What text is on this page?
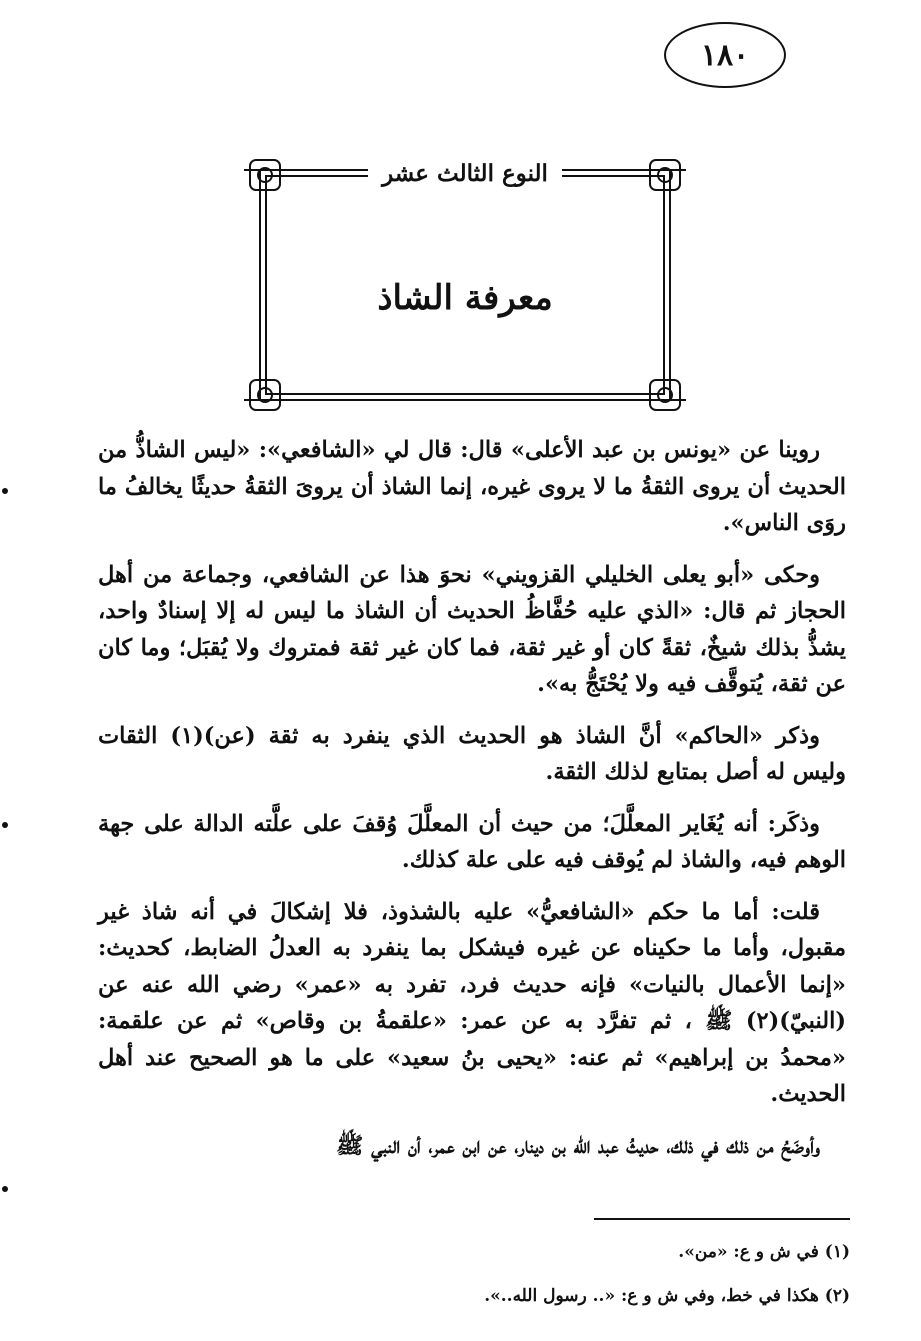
١٨٠
النوع الثالث عشر
معرفة الشاذ

روينا عن «يونس بن عبد الأعلى» قال: قال لي «الشافعي»: «ليس الشاذُّ من الحديث أن يروى الثقةُ ما لا يروى غيره، إنما الشاذ أن يروىَ الثقةُ حديثًا يخالفُ ما روَى الناس».

وحكى «أبو يعلى الخليلي القزويني» نحوَ هذا عن الشافعي، وجماعة من أهل الحجاز ثم قال: «الذي عليه حُفَّاظُ الحديث أن الشاذ ما ليس له إلا إسنادٌ واحد، يشذُّ بذلك شيخٌ، ثقةً كان أو غير ثقة، فما كان غير ثقة فمتروك ولا يُقبَل؛ وما كان عن ثقة، يُتوقَّف فيه ولا يُحْتَجُّ به».

وذكر «الحاكم» أنَّ الشاذ هو الحديث الذي ينفرد به ثقة (عن)(١) الثقات وليس له أصل بمتابع لذلك الثقة.

وذكَر: أنه يُغَاير المعلَّلَ؛ من حيث أن المعلَّلَ وُقفَ على علَّته الدالة على جهة الوهم فيه، والشاذ لم يُوقف فيه على علة كذلك.

قلت: أما ما حكم «الشافعيُّ» عليه بالشذوذ، فلا إشكالَ في أنه شاذ غير مقبول، وأما ما حكيناه عن غيره فيشكل بما ينفرد به العدلُ الضابط، كحديث: «إنما الأعمال بالنيات» فإنه حديث فرد، تفرد به «عمر» رضي الله عنه عن (النبيّ)(٢) ﷺ ، ثم تفرَّد به عن عمر: «علقمةُ بن وقاص» ثم عن علقمة: «محمدُ بن إبراهيم» ثم عنه: «يحيى بنُ سعيد» على ما هو الصحيح عند أهل الحديث.

وأوضَحُ من ذلك في ذلك، حديثُ عبد الله بن دينار، عن ابن عمر، أن النبي ﷺ

(١) في ش و ع: «من».
(٢) هكذا في خط، وفي ش و ع: «.. رسول الله..».
